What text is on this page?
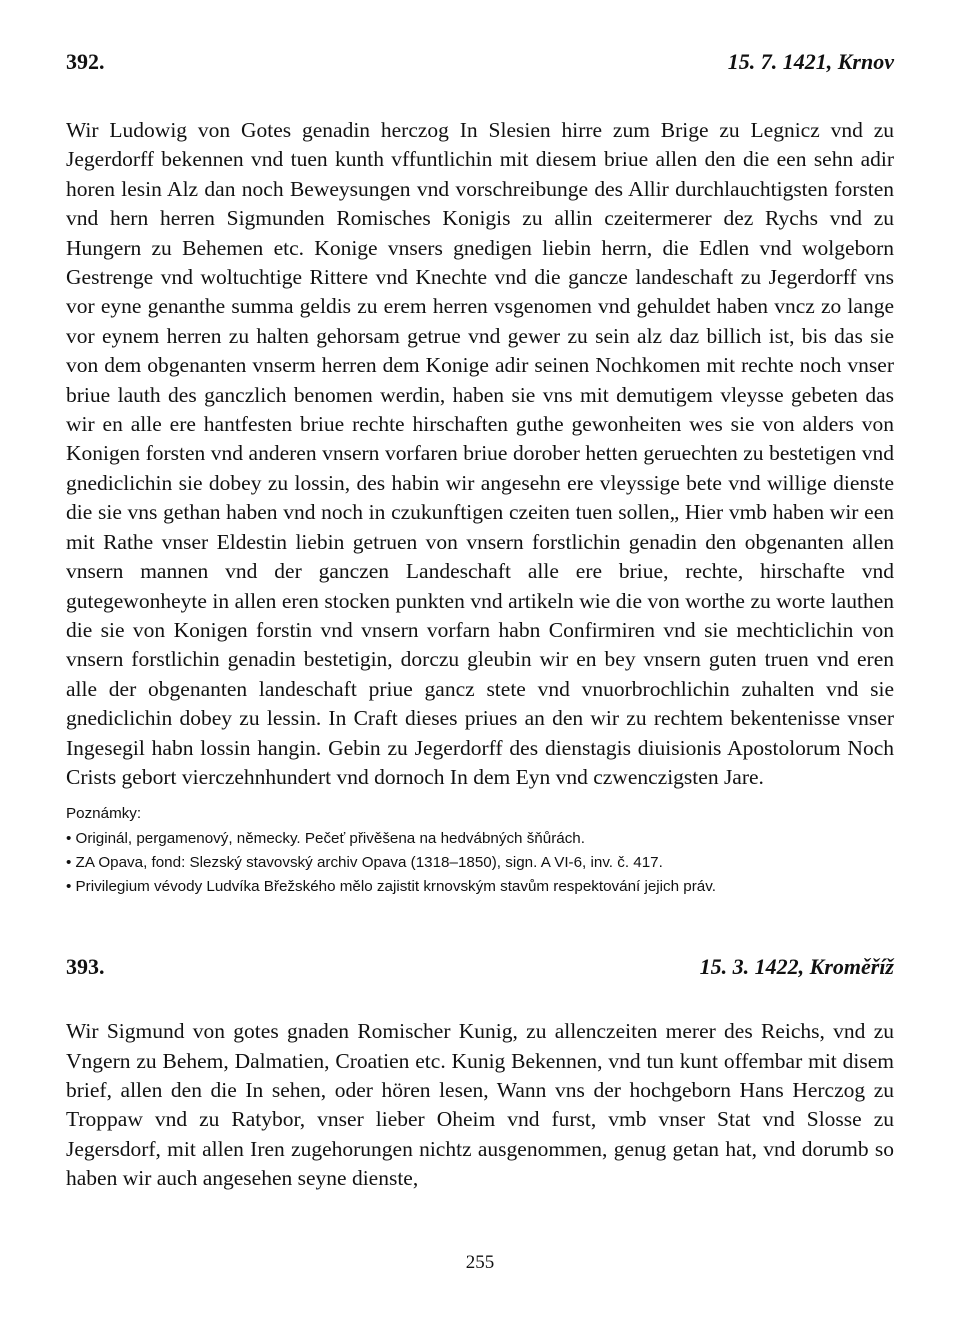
392.	15. 7. 1421, Krnov

Wir Ludowig von Gotes genadin herczog In Slesien hirre zum Brige zu Legnicz vnd zu Jegerdorff bekennen vnd tuen kunth vffuntlichin mit diesem briue allen den die een sehn adir horen lesin Alz dan noch Beweysungen vnd vorschreibunge des Allir durchlauchtigsten forsten vnd hern herren Sigmunden Romisches Konigis zu allin czeitermerer dez Rychs vnd zu Hungern zu Behemen etc. Konige vnsers gnedigen liebin herrn, die Edlen vnd wolgeborn Gestrenge vnd woltuchtige Rittere vnd Knechte vnd die gancze landeschaft zu Jegerdorff vns vor eyne genanthe summa geldis zu erem herren vsgenomen vnd gehuldet haben vncz zo lange vor eynem herren zu halten gehorsam getrue vnd gewer zu sein alz daz billich ist, bis das sie von dem obgenanten vnserm herren dem Konige adir seinen Nochkomen mit rechte noch vnser briue lauth des ganczlich benomen werdin, haben sie vns mit demutigem vleysse gebeten das wir en alle ere hantfesten briue rechte hirschaften guthe gewonheiten wes sie von alders von Konigen forsten vnd anderen vnsern vorfaren briue dorober hetten geruechten zu bestetigen vnd gnediclichin sie dobey zu lossin, des habin wir angesehn ere vleyssige bete vnd willige dienste die sie vns gethan haben vnd noch in czukunftigen czeiten tuen sollen„ Hier vmb haben wir een mit Rathe vnser Eldestin liebin getruen von vnsern forstlichin genadin den obgenanten allen vnsern mannen vnd der ganczen Landeschaft alle ere briue, rechte, hirschafte vnd gutegewonheyte in allen eren stocken punkten vnd artikeln wie die von worthe zu worte lauthen die sie von Konigen forstin vnd vnsern vorfarn habn Confirmiren vnd sie mechticlichin von vnsern forstlichin genadin bestetigin, dorczu gleubin wir en bey vnsern guten truen vnd eren alle der obgenanten landeschaft priue gancz stete vnd vnuorbrochlichin zuhalten vnd sie gnediclichin dobey zu lessin. In Craft dieses priues an den wir zu rechtem bekentenisse vnser Ingesegil habn lossin hangin. Gebin zu Jegerdorff des dienstagis diuisionis Apostolorum Noch Crists gebort vierczehnhundert vnd dornoch In dem Eyn vnd czwenczigsten Jare.

Poznámky:
• Originál, pergamenový, německy. Pečeť přivěšena na hedvábných šňůrách.
• ZA Opava, fond: Slezský stavovský archiv Opava (1318–1850), sign. A VI-6, inv. č. 417.
• Privilegium vévody Ludvíka Břežského mělo zajistit krnovským stavům respektování jejich práv.
393.	15. 3. 1422, Kroměříž

Wir Sigmund von gotes gnaden Romischer Kunig, zu allenczeiten merer des Reichs, vnd zu Vngern zu Behem, Dalmatien, Croatien etc. Kunig Bekennen, vnd tun kunt offembar mit disem brief, allen den die In sehen, oder hören lesen, Wann vns der hochgeborn Hans Herczog zu Troppaw vnd zu Ratybor, vnser lieber Oheim vnd furst, vmb vnser Stat vnd Slosse zu Jegersdorf, mit allen Iren zugehorungen nichtz ausgenommen, genug getan hat, vnd dorumb so haben wir auch angesehen seyne dienste,

255
